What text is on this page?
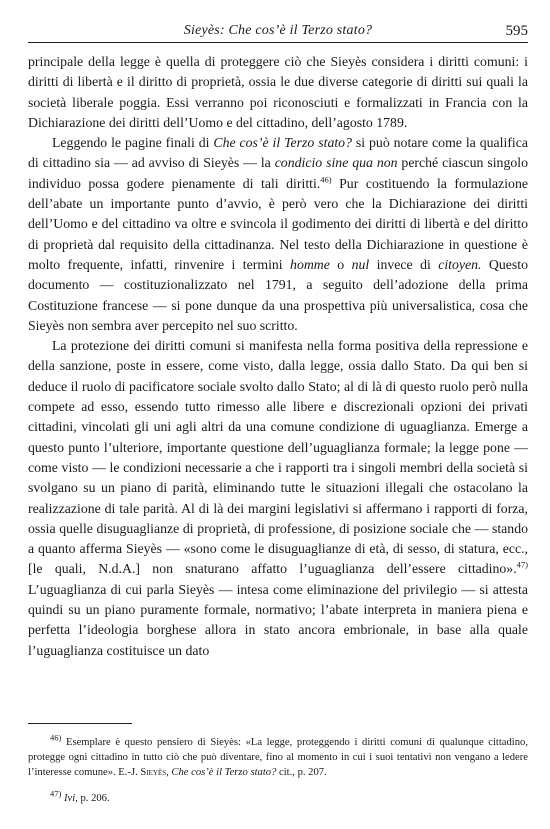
Sieyès: Che cos’è il Terzo stato?	595

principale della legge è quella di proteggere ciò che Sieyès considera i diritti comuni: i diritti di libertà e il diritto di proprietà, ossia le due diverse categorie di diritti sui quali la società liberale poggia. Essi verranno poi riconosciuti e formalizzati in Francia con la Dichiarazione dei diritti dell’Uomo e del cittadino, dell’agosto 1789.

Leggendo le pagine finali di Che cos’è il Terzo stato? si può notare come la qualifica di cittadino sia — ad avviso di Sieyès — la condicio sine qua non perché ciascun singolo individuo possa godere pienamente di tali diritti.$^{46)}$ Pur costituendo la formulazione dell’abate un importante punto d’avvio, è però vero che la Dichiarazione dei diritti dell’Uomo e del cittadino va oltre e svincola il godimento dei diritti di libertà e del diritto di proprietà dal requisito della cittadinanza. Nel testo della Dichiarazione in questione è molto frequente, infatti, rinvenire i termini homme o nul invece di citoyen. Questo documento — costituzionalizzato nel 1791, a seguito dell’adozione della prima Costituzione francese — si pone dunque da una prospettiva più universalistica, cosa che Sieyès non sembra aver percepito nel suo scritto.

La protezione dei diritti comuni si manifesta nella forma positiva della repressione e della sanzione, poste in essere, come visto, dalla legge, ossia dallo Stato. Da qui ben si deduce il ruolo di pacificatore sociale svolto dallo Stato; al di là di questo ruolo però nulla compete ad esso, essendo tutto rimesso alle libere e discrezionali opzioni dei privati cittadini, vincolati gli uni agli altri da una comune condizione di uguaglianza. Emerge a questo punto l’ulteriore, importante questione dell’uguaglianza formale; la legge pone — come visto — le condizioni necessarie a che i rapporti tra i singoli membri della società si svolgano su un piano di parità, eliminando tutte le situazioni illegali che ostacolano la realizzazione di tale parità. Al di là dei margini legislativi si affermano i rapporti di forza, ossia quelle disuguaglianze di proprietà, di professione, di posizione sociale che — stando a quanto afferma Sieyès — «sono come le disuguaglianze di età, di sesso, di statura, ecc., [le quali, N.d.A.] non snaturano affatto l’uguaglianza dell’essere cittadino».$^{47)}$ L’uguaglianza di cui parla Sieyès — intesa come eliminazione del privilegio — si attesta quindi su un piano puramente formale, normativo; l’abate interpreta in maniera piena e perfetta l’ideologia borghese allora in stato ancora embrionale, in base alla quale l’uguaglianza costituisce un dato

$^{46)}$ Esemplare è questo pensiero di Sieyès: «La legge, proteggendo i diritti comuni di qualunque cittadino, protegge ogni cittadino in tutto ciò che può diventare, fino al momento in cui i suoi tentativi non vengano a ledere l’interesse comune». E.-J. Sieyès, Che cos’è il Terzo stato? cit., p. 207.

$^{47)}$ Ivi, p. 206.
